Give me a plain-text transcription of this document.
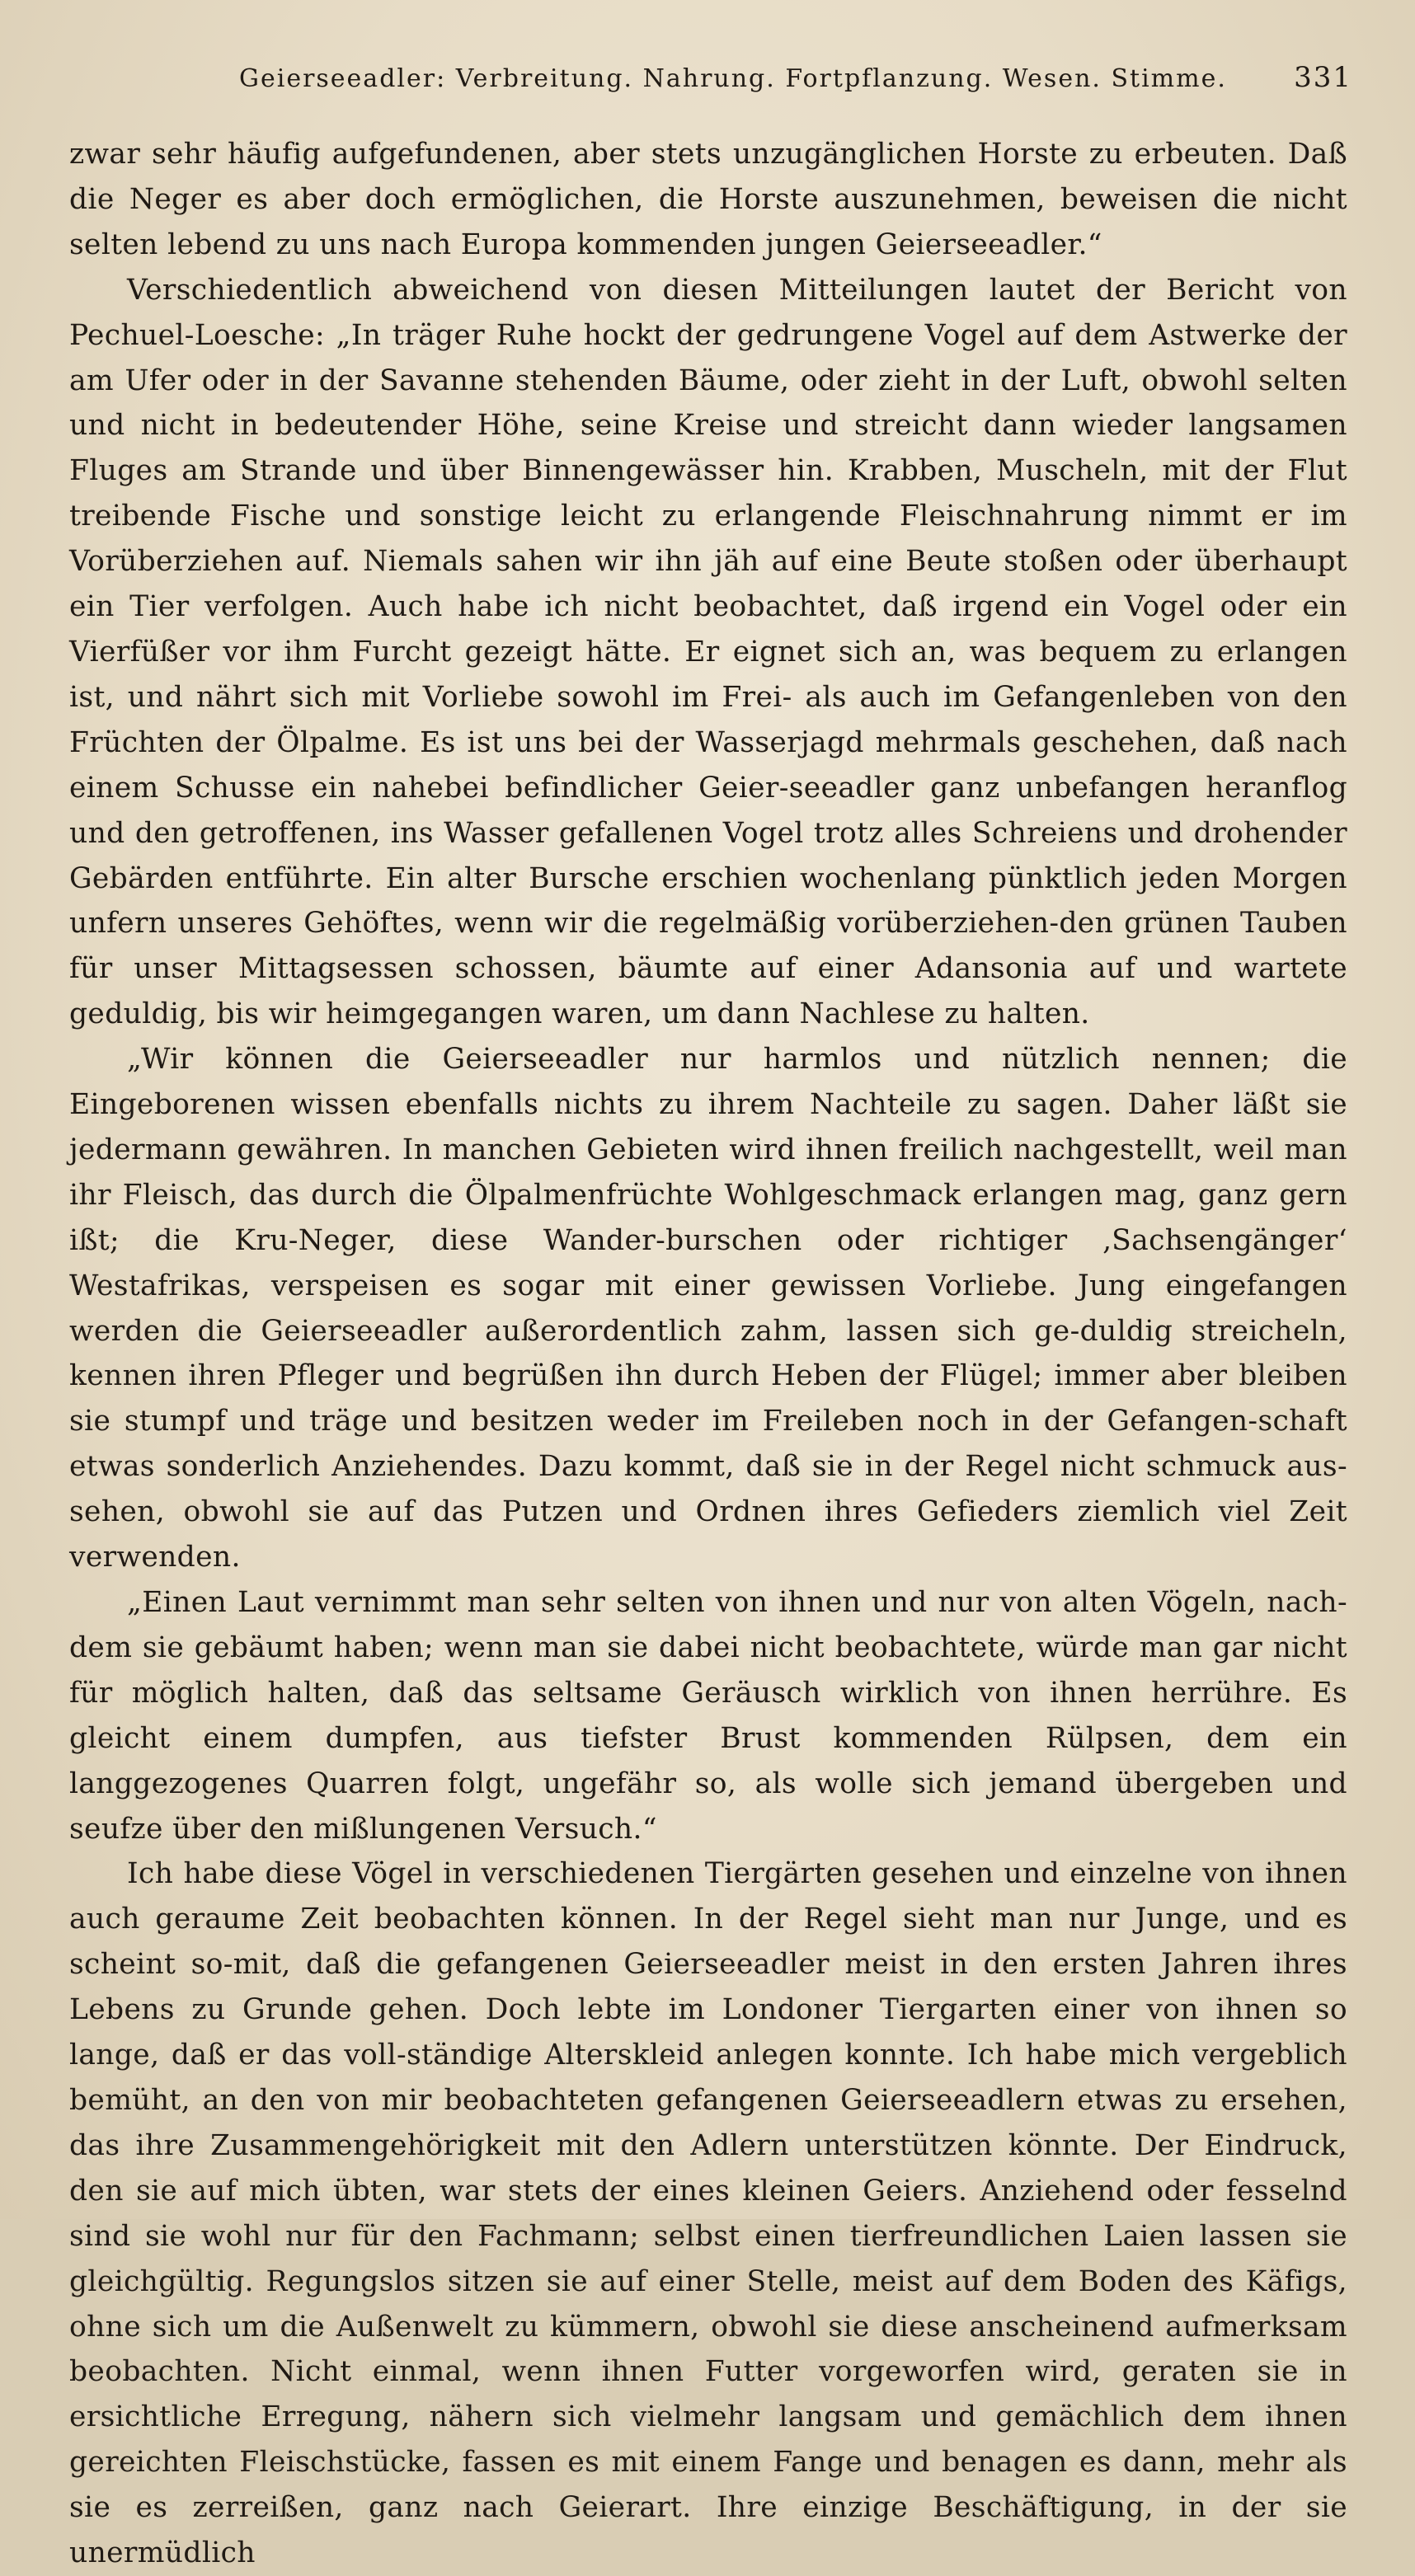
Geierseeadler: Verbreitung. Nahrung. Fortpflanzung. Wesen. Stimme. 331

zwar sehr häufig aufgefundenen, aber stets unzugänglichen Horste zu erbeuten. Daß die Neger es aber doch ermöglichen, die Horste auszunehmen, beweisen die nicht selten lebend zu uns nach Europa kommenden jungen Geierseeadler.“

Verschiedentlich abweichend von diesen Mitteilungen lautet der Bericht von Pechuel-Loesche: „In träger Ruhe hockt der gedrungene Vogel auf dem Astwerke der am Ufer oder in der Savanne stehenden Bäume, oder zieht in der Luft, obwohl selten und nicht in bedeutender Höhe, seine Kreise und streicht dann wieder langsamen Fluges am Strande und über Binnengewässer hin. Krabben, Muscheln, mit der Flut treibende Fische und sonstige leicht zu erlangende Fleischnahrung nimmt er im Vorüberziehen auf. Niemals sahen wir ihn jäh auf eine Beute stoßen oder überhaupt ein Tier verfolgen. Auch habe ich nicht beobachtet, daß irgend ein Vogel oder ein Vierfüßer vor ihm Furcht gezeigt hätte. Er eignet sich an, was bequem zu erlangen ist, und nährt sich mit Vorliebe sowohl im Frei- als auch im Gefangenleben von den Früchten der Ölpalme. Es ist uns bei der Wasserjagd mehrmals geschehen, daß nach einem Schusse ein nahebei befindlicher Geier-seeadler ganz unbefangen heranflog und den getroffenen, ins Wasser gefallenen Vogel trotz alles Schreiens und drohender Gebärden entführte. Ein alter Bursche erschien wochenlang pünktlich jeden Morgen unfern unseres Gehöftes, wenn wir die regelmäßig vorüberziehen-den grünen Tauben für unser Mittagsessen schossen, bäumte auf einer Adansonia auf und wartete geduldig, bis wir heimgegangen waren, um dann Nachlese zu halten.

„Wir können die Geierseeadler nur harmlos und nützlich nennen; die Eingeborenen wissen ebenfalls nichts zu ihrem Nachteile zu sagen. Daher läßt sie jedermann gewähren. In manchen Gebieten wird ihnen freilich nachgestellt, weil man ihr Fleisch, das durch die Ölpalmenfrüchte Wohlgeschmack erlangen mag, ganz gern ißt; die Kru-Neger, diese Wander-burschen oder richtiger ‚Sachsengänger‘ Westafrikas, verspeisen es sogar mit einer gewissen Vorliebe. Jung eingefangen werden die Geierseeadler außerordentlich zahm, lassen sich ge-duldig streicheln, kennen ihren Pfleger und begrüßen ihn durch Heben der Flügel; immer aber bleiben sie stumpf und träge und besitzen weder im Freileben noch in der Gefangen-schaft etwas sonderlich Anziehendes. Dazu kommt, daß sie in der Regel nicht schmuck aus-sehen, obwohl sie auf das Putzen und Ordnen ihres Gefieders ziemlich viel Zeit verwenden.

„Einen Laut vernimmt man sehr selten von ihnen und nur von alten Vögeln, nach-dem sie gebäumt haben; wenn man sie dabei nicht beobachtete, würde man gar nicht für möglich halten, daß das seltsame Geräusch wirklich von ihnen herrühre. Es gleicht einem dumpfen, aus tiefster Brust kommenden Rülpsen, dem ein langgezogenes Quarren folgt, ungefähr so, als wolle sich jemand übergeben und seufze über den mißlungenen Versuch.“

Ich habe diese Vögel in verschiedenen Tiergärten gesehen und einzelne von ihnen auch geraume Zeit beobachten können. In der Regel sieht man nur Junge, und es scheint so-mit, daß die gefangenen Geierseeadler meist in den ersten Jahren ihres Lebens zu Grunde gehen. Doch lebte im Londoner Tiergarten einer von ihnen so lange, daß er das voll-ständige Alterskleid anlegen konnte. Ich habe mich vergeblich bemüht, an den von mir beobachteten gefangenen Geierseeadlern etwas zu ersehen, das ihre Zusammengehörigkeit mit den Adlern unterstützen könnte. Der Eindruck, den sie auf mich übten, war stets der eines kleinen Geiers. Anziehend oder fesselnd sind sie wohl nur für den Fachmann; selbst einen tierfreundlichen Laien lassen sie gleichgültig. Regungslos sitzen sie auf einer Stelle, meist auf dem Boden des Käfigs, ohne sich um die Außenwelt zu kümmern, obwohl sie diese anscheinend aufmerksam beobachten. Nicht einmal, wenn ihnen Futter vorgeworfen wird, geraten sie in ersichtliche Erregung, nähern sich vielmehr langsam und gemächlich dem ihnen gereichten Fleischstücke, fassen es mit einem Fange und benagen es dann, mehr als sie es zerreißen, ganz nach Geierart. Ihre einzige Beschäftigung, in der sie unermüdlich
